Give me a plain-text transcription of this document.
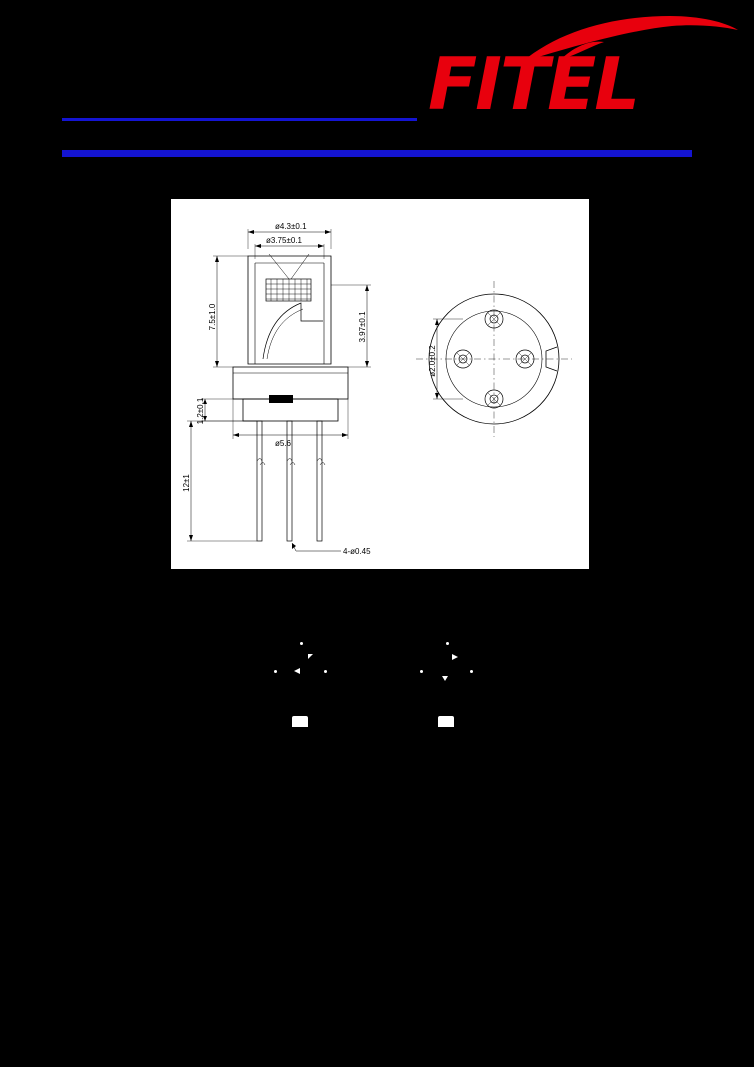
FITEL
ø4.3±0.1
ø3.75±0.1
7.5±1.0	3.97±0.1
ø2.0±0.2
1.2±0.1
12±1
ø5.6
4-ø0.45
